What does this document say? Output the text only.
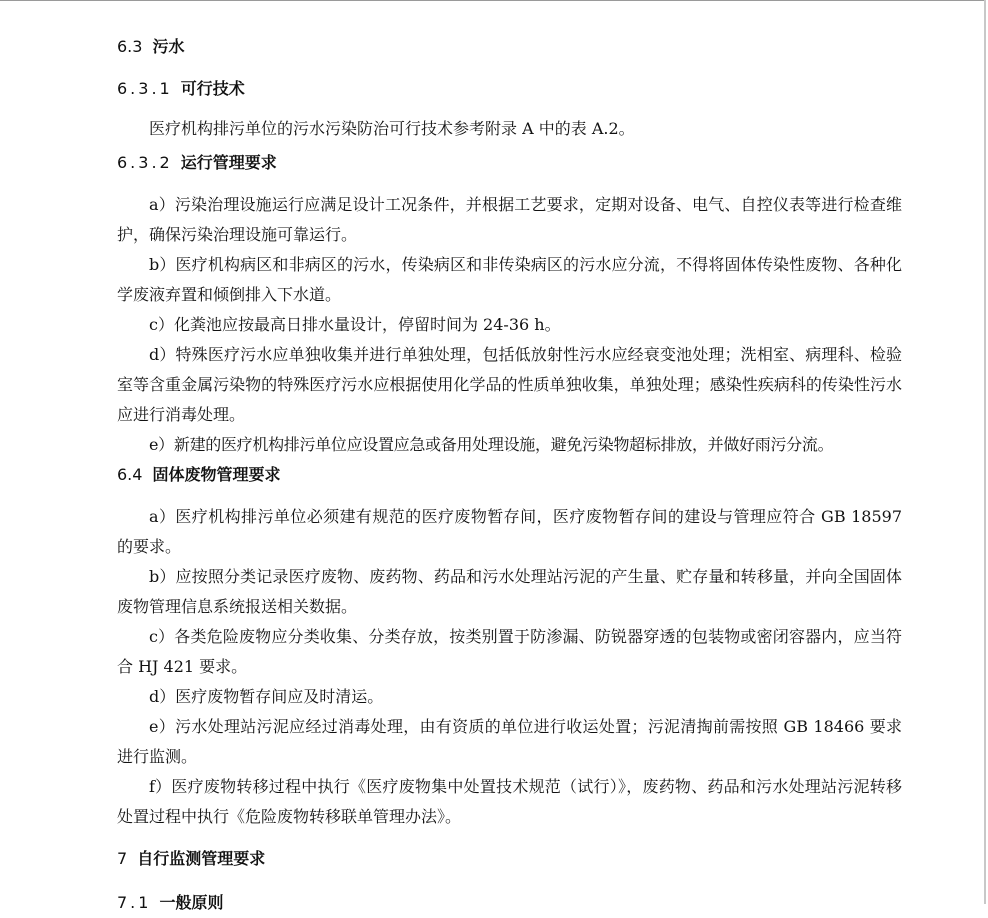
6.3 污水
6.3.1 可行技术

医疗机构排污单位的污水污染防治可行技术参考附录 A 中的表 A.2。

6.3.2 运行管理要求

a）污染治理设施运行应满足设计工况条件，并根据工艺要求，定期对设备、电气、自控仪表等进行检查维护，确保污染治理设施可靠运行。

b）医疗机构病区和非病区的污水，传染病区和非传染病区的污水应分流，不得将固体传染性废物、各种化学废液弃置和倾倒排入下水道。

c）化粪池应按最高日排水量设计，停留时间为 24-36 h。

d）特殊医疗污水应单独收集并进行单独处理，包括低放射性污水应经衰变池处理；洗相室、病理科、检验室等含重金属污染物的特殊医疗污水应根据使用化学品的性质单独收集，单独处理；感染性疾病科的传染性污水应进行消毒处理。

e）新建的医疗机构排污单位应设置应急或备用处理设施，避免污染物超标排放，并做好雨污分流。

6.4 固体废物管理要求

a）医疗机构排污单位必须建有规范的医疗废物暂存间，医疗废物暂存间的建设与管理应符合 GB 18597 的要求。

b）应按照分类记录医疗废物、废药物、药品和污水处理站污泥的产生量、贮存量和转移量，并向全国固体废物管理信息系统报送相关数据。

c）各类危险废物应分类收集、分类存放，按类别置于防渗漏、防锐器穿透的包装物或密闭容器内，应当符合 HJ 421 要求。

d）医疗废物暂存间应及时清运。

e）污水处理站污泥应经过消毒处理，由有资质的单位进行收运处置；污泥清掏前需按照 GB 18466 要求进行监测。

f）医疗废物转移过程中执行《医疗废物集中处置技术规范（试行）》，废药物、药品和污水处理站污泥转移处置过程中执行《危险废物转移联单管理办法》。

7 自行监测管理要求
7.1 一般原则
